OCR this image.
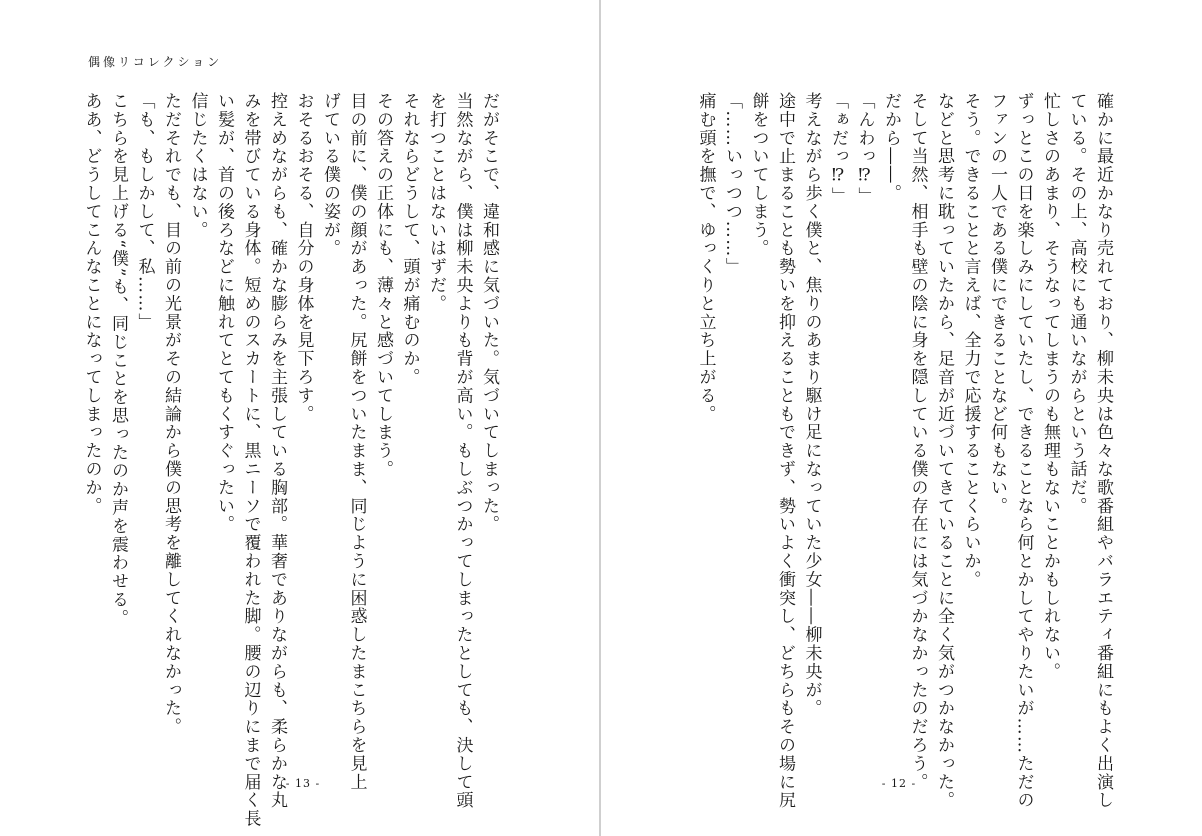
偶像リコレクション

だがそこで、違和感に気づいた。気づいてしまった。

当然ながら、僕は柳未央よりも背が高い。もしぶつかってしまったとしても、決して頭

を打つことはないはずだ。

それならどうして、頭が痛むのか。

その答えの正体にも、薄々と感づいてしまう。

目の前に、僕の顔があった。尻餅をついたまま、同じように困惑したまこちらを見上

げている僕の姿が。

おそるおそる、自分の身体を見下ろす。

控えめながらも、確かな膨らみを主張している胸部。華奢でありながらも、柔らかな丸

みを帯びている身体。短めのスカートに、黒ニーソで覆われた脚。腰の辺りにまで届く長

い髪が、首の後ろなどに触れてとてもくすぐったい。

信じたくはない。

ただそれでも、目の前の光景がその結論から僕の思考を離してくれなかった。

「も、もしかして、私……」

こちらを見上げる“僕”も、同じことを思ったのか声を震わせる。

ああ、どうしてこんなことになってしまったのか。

- 13 -	確かに最近かなり売れており、柳未央は色々な歌番組やバラエティ番組にもよく出演し

ている。その上、高校にも通いながらという話だ。

忙しさのあまり、そうなってしまうのも無理もないことかもしれない。

ずっとこの日を楽しみにしていたし、できることなら何とかしてやりたいが……ただの

ファンの一人である僕にできることなど何もない。

そう。できることと言えば、全力で応援することくらいか。

などと思考に耽っていたから、足音が近づいてきていることに全く気がつかなかった。

そして当然、相手も壁の陰に身を隠している僕の存在には気づかなかったのだろう。

だから――。

「んわっ⁉」

「ぁだっ⁉」

考えながら歩く僕と、焦りのあまり駆け足になっていた少女――柳未央が。

途中で止まることも勢いを抑えることもできず、勢いよく衝突し、どちらもその場に尻

餅をついてしまう。

「……いっつつ……」

痛む頭を撫で、ゆっくりと立ち上がる。

- 12 -
